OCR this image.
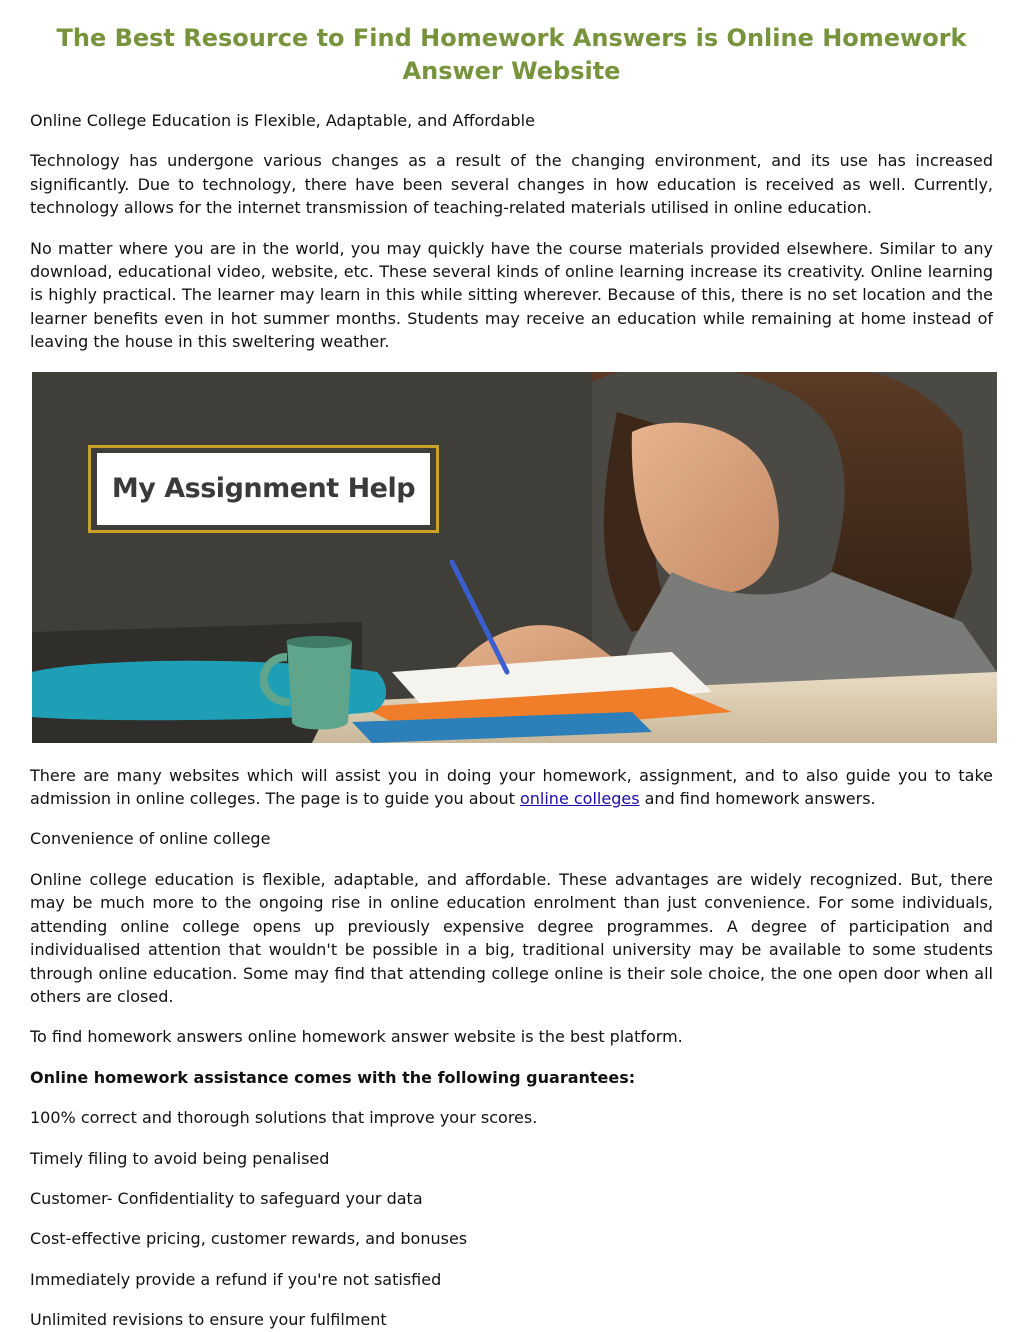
The Best Resource to Find Homework Answers is Online Homework Answer Website

Online College Education is Flexible, Adaptable, and Affordable

Technology has undergone various changes as a result of the changing environment, and its use has increased significantly. Due to technology, there have been several changes in how education is received as well. Currently, technology allows for the internet transmission of teaching-related materials utilised in online education.

No matter where you are in the world, you may quickly have the course materials provided elsewhere. Similar to any download, educational video, website, etc. These several kinds of online learning increase its creativity. Online learning is highly practical. The learner may learn in this while sitting wherever. Because of this, there is no set location and the learner benefits even in hot summer months. Students may receive an education while remaining at home instead of leaving the house in this sweltering weather.

My Assignment Help

There are many websites which will assist you in doing your homework, assignment, and to also guide you to take admission in online colleges. The page is to guide you about online colleges and find homework answers.

Convenience of online college

Online college education is flexible, adaptable, and affordable. These advantages are widely recognized. But, there may be much more to the ongoing rise in online education enrolment than just convenience. For some individuals, attending online college opens up previously expensive degree programmes. A degree of participation and individualised attention that wouldn't be possible in a big, traditional university may be available to some students through online education. Some may find that attending college online is their sole choice, the one open door when all others are closed.

To find homework answers online homework answer website is the best platform.

Online homework assistance comes with the following guarantees:

100% correct and thorough solutions that improve your scores.

Timely filing to avoid being penalised

Customer- Confidentiality to safeguard your data

Cost-effective pricing, customer rewards, and bonuses

Immediately provide a refund if you're not satisfied

Unlimited revisions to ensure your fulfilment
